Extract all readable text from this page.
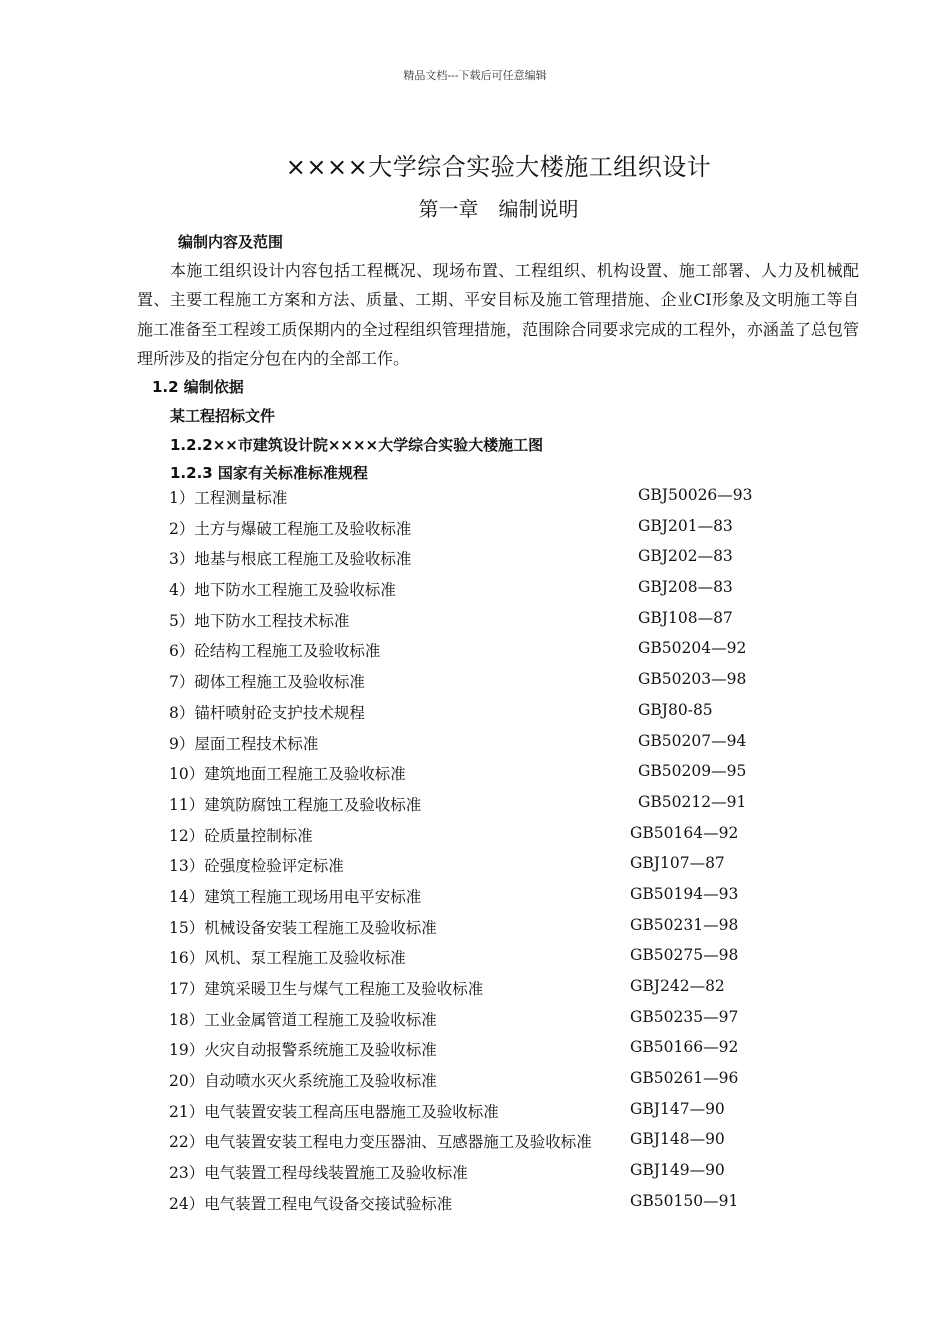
精品文档---下载后可任意编辑
××××大学综合实验大楼施工组织设计
第一章　编制说明
编制内容及范围
本施工组织设计内容包括工程概况、现场布置、工程组织、机构设置、施工部署、人力及机械配置、主要工程施工方案和方法、质量、工期、平安目标及施工管理措施、企业CI形象及文明施工等自施工准备至工程竣工质保期内的全过程组织管理措施，范围除合同要求完成的工程外，亦涵盖了总包管理所涉及的指定分包在内的全部工作。
1.2 编制依据
某工程招标文件
1.2.2××市建筑设计院××××大学综合实验大楼施工图
1.2.3 国家有关标准标准规程
1）工程测量标准	GBJ50026—93
2）土方与爆破工程施工及验收标准	GBJ201—83
3）地基与根底工程施工及验收标准	GBJ202—83
4）地下防水工程施工及验收标准	GBJ208—83
5）地下防水工程技术标准	GBJ108—87
6）砼结构工程施工及验收标准	GB50204—92
7）砌体工程施工及验收标准	GB50203—98
8）锚杆喷射砼支护技术规程	GBJ80-85
9）屋面工程技术标准	GB50207—94
10）建筑地面工程施工及验收标准	GB50209—95
11）建筑防腐蚀工程施工及验收标准	GB50212—91
12）砼质量控制标准	GB50164—92
13）砼强度检验评定标准	GBJ107—87
14）建筑工程施工现场用电平安标准	GB50194—93
15）机械设备安装工程施工及验收标准	GB50231—98
16）风机、泵工程施工及验收标准	GB50275—98
17）建筑采暖卫生与煤气工程施工及验收标准	GBJ242—82
18）工业金属管道工程施工及验收标准	GB50235—97
19）火灾自动报警系统施工及验收标准	GB50166—92
20）自动喷水灭火系统施工及验收标准	GB50261—96
21）电气装置安装工程高压电器施工及验收标准	GBJ147—90
22）电气装置安装工程电力变压器油、互感器施工及验收标准 GBJ148—90
23）电气装置工程母线装置施工及验收标准	GBJ149—90
24）电气装置工程电气设备交接试验标准	GB50150—91
